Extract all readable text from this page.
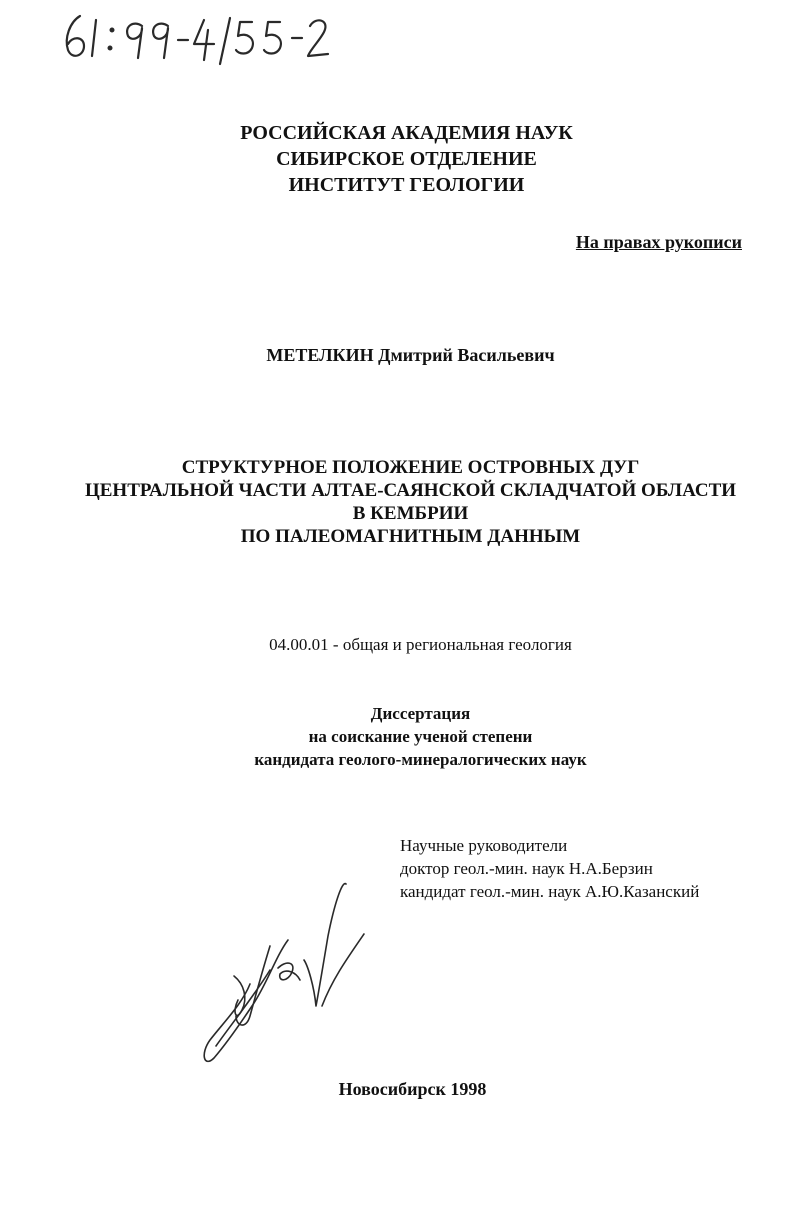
61:99-4/55-2
РОССИЙСКАЯ АКАДЕМИЯ НАУК
СИБИРСКОЕ ОТДЕЛЕНИЕ
ИНСТИТУТ ГЕОЛОГИИ
На правах рукописи
МЕТЕЛКИН Дмитрий Васильевич
СТРУКТУРНОЕ ПОЛОЖЕНИЕ ОСТРОВНЫХ ДУГ
ЦЕНТРАЛЬНОЙ ЧАСТИ АЛТАЕ-САЯНСКОЙ СКЛАДЧАТОЙ ОБЛАСТИ
В КЕМБРИИ
ПО ПАЛЕОМАГНИТНЫМ ДАННЫМ
04.00.01 - общая и региональная геология
Диссертация
на соискание ученой степени
кандидата геолого-минералогических наук
Научные руководители
доктор геол.-мин. наук Н.А.Берзин
кандидат геол.-мин. наук А.Ю.Казанский
Новосибирск 1998
